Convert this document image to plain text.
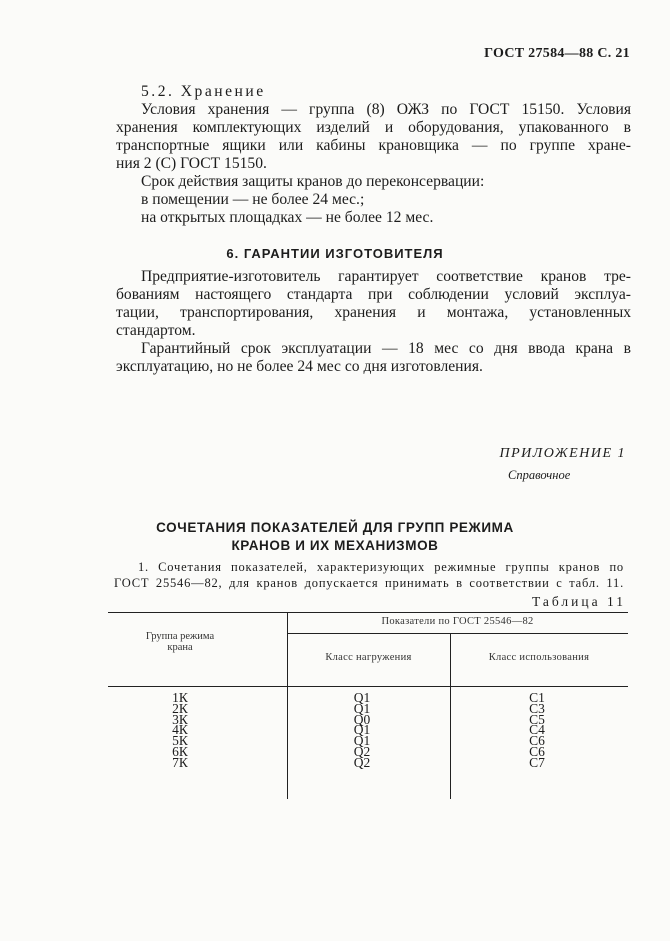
ГОСТ 27584—88 С. 21
5.2. Хранение
Условия хранения — группа (8) ОЖЗ по ГОСТ 15150. Условия
хранения комплектующих изделий и оборудования, упакованного в
транспортные ящики или кабины крановщика — по группе хране-
ния 2 (С) ГОСТ 15150.
Срок действия защиты кранов до переконсервации:
в помещении — не более 24 мес.;
на открытых площадках — не более 12 мес.
6. ГАРАНТИИ ИЗГОТОВИТЕЛЯ
Предприятие-изготовитель гарантирует соответствие кранов тре-
бованиям настоящего стандарта при соблюдении условий эксплуа-
тации, транспортирования, хранения и монтажа, установленных
стандартом.
Гарантийный срок эксплуатации — 18 мес со дня ввода крана в
эксплуатацию, но не более 24 мес со дня изготовления.
ПРИЛОЖЕНИЕ 1
Справочное
СОЧЕТАНИЯ ПОКАЗАТЕЛЕЙ ДЛЯ ГРУПП РЕЖИМА
КРАНОВ И ИХ МЕХАНИЗМОВ
1. Сочетания показателей, характеризующих режимные группы кранов по
ГОСТ 25546—82, для кранов допускается принимать в соответствии с табл. 11.
Таблица 11
Группа режима крана
Показатели по ГОСТ 25546—82
Класс нагружения	Класс использования
1К
2К
3К
4К
5К
6К
7К
Q1
Q1
Q0
Q1
Q1
Q2
Q2
С1
С3
С5
С4
С6
С6
С7
